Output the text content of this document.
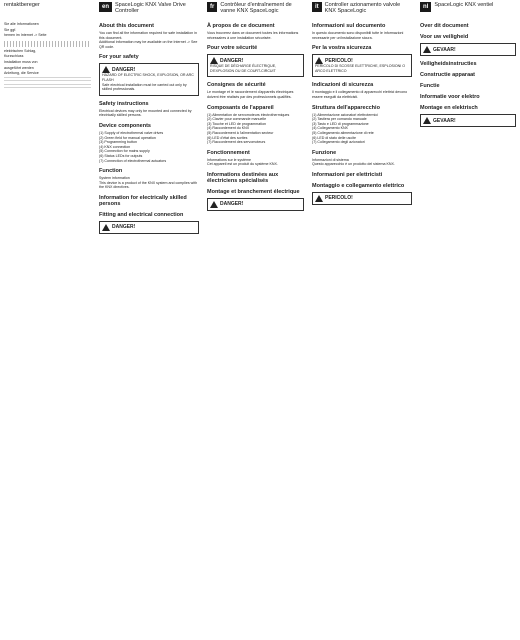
rentaktbereger

Sie alle Informationen

Sie ggf.

hemen im Internet -> Seite

elektrischen Schlag,

Kurzschluss

Installation muss von

ausgeführt werden

Anleitung, die Service

en	SpaceLogic KNX Valve Drive Controller
About this document

You can find all the information required for safe installation in this document.
Additional information may be available on the Internet -> See QR code.

For your safety
DANGER!

HAZARD OF ELECTRIC SHOCK, EXPLOSION, OR ARC FLASH
Safe electrical installation must be carried out only by skilled professionals.

Safety instructions

Electrical devices may only be mounted and connected by electrically skilled persons.

Device components

(1) Supply of electrothermal valve drives
(2) Green field for manual operation
(3) Programming button
(4) KNX connection
(5) Connection for mains supply
(6) Status LEDs for outputs
(7) Connection of electrothermal actuators

Function

System information
This device is a product of the KNX system and complies with the KNX directives.

Information for electrically skilled persons
Fitting and electrical connection
DANGER!
fr	Contrôleur d'entraînement de vanne KNX SpaceLogic
À propos de ce document

Vous trouverez dans ce document toutes les informations nécessaires à une installation sécurisée.

Pour votre sécurité
DANGER!

RISQUE DE DÉCHARGE ÉLECTRIQUE, D'EXPLOSION OU DE COURT-CIRCUIT

Consignes de sécurité

Le montage et le raccordement d'appareils électriques doivent être réalisés par des professionnels qualifiés.

Composants de l'appareil

(1) Alimentation de servomoteurs électrothermiques
(2) Clavier pour commande manuelle
(3) Touche et LED de programmation
(4) Raccordement du KNX
(5) Raccordement à l'alimentation secteur
(6) LED d'état des sorties
(7) Raccordement des servomoteurs

Fonctionnement

Informations sur le système
Cet appareil est un produit du système KNX.

Informations destinées aux électriciens spécialisés
Montage et branchement électrique
DANGER!
it	Controller azionamento valvole KNX SpaceLogic
Informazioni sul documento

In questo documento sono disponibili tutte le informazioni necessarie per un'installazione sicura.

Per la vostra sicurezza
PERICOLO!

PERICOLO DI SCOSSE ELETTRICHE, ESPLOSIONI O ARCO ELETTRICO

Indicazioni di sicurezza

Il montaggio e il collegamento di apparecchi elettrici devono essere eseguiti da elettricisti.

Struttura dell'apparecchio

(1) Alimentazione azionatori elettrotermici
(2) Tastiera per comando manuale
(3) Tasto e LED di programmazione
(4) Collegamento KNX
(5) Collegamento alimentazione di rete
(6) LED di stato delle uscite
(7) Collegamento degli azionatori

Funzione

Informazioni di sistema
Questo apparecchio è un prodotto del sistema KNX.

Informazioni per elettricisti
Montaggio e collegamento elettrico
PERICOLO!
nl	SpaceLogic KNX ventiel
Over dit document
Voor uw veiligheid
GEVAAR!
Veiligheidsinstructies
Constructie apparaat
Functie
Informatie voor elektro
Montage en elektrisch
GEVAAR!
